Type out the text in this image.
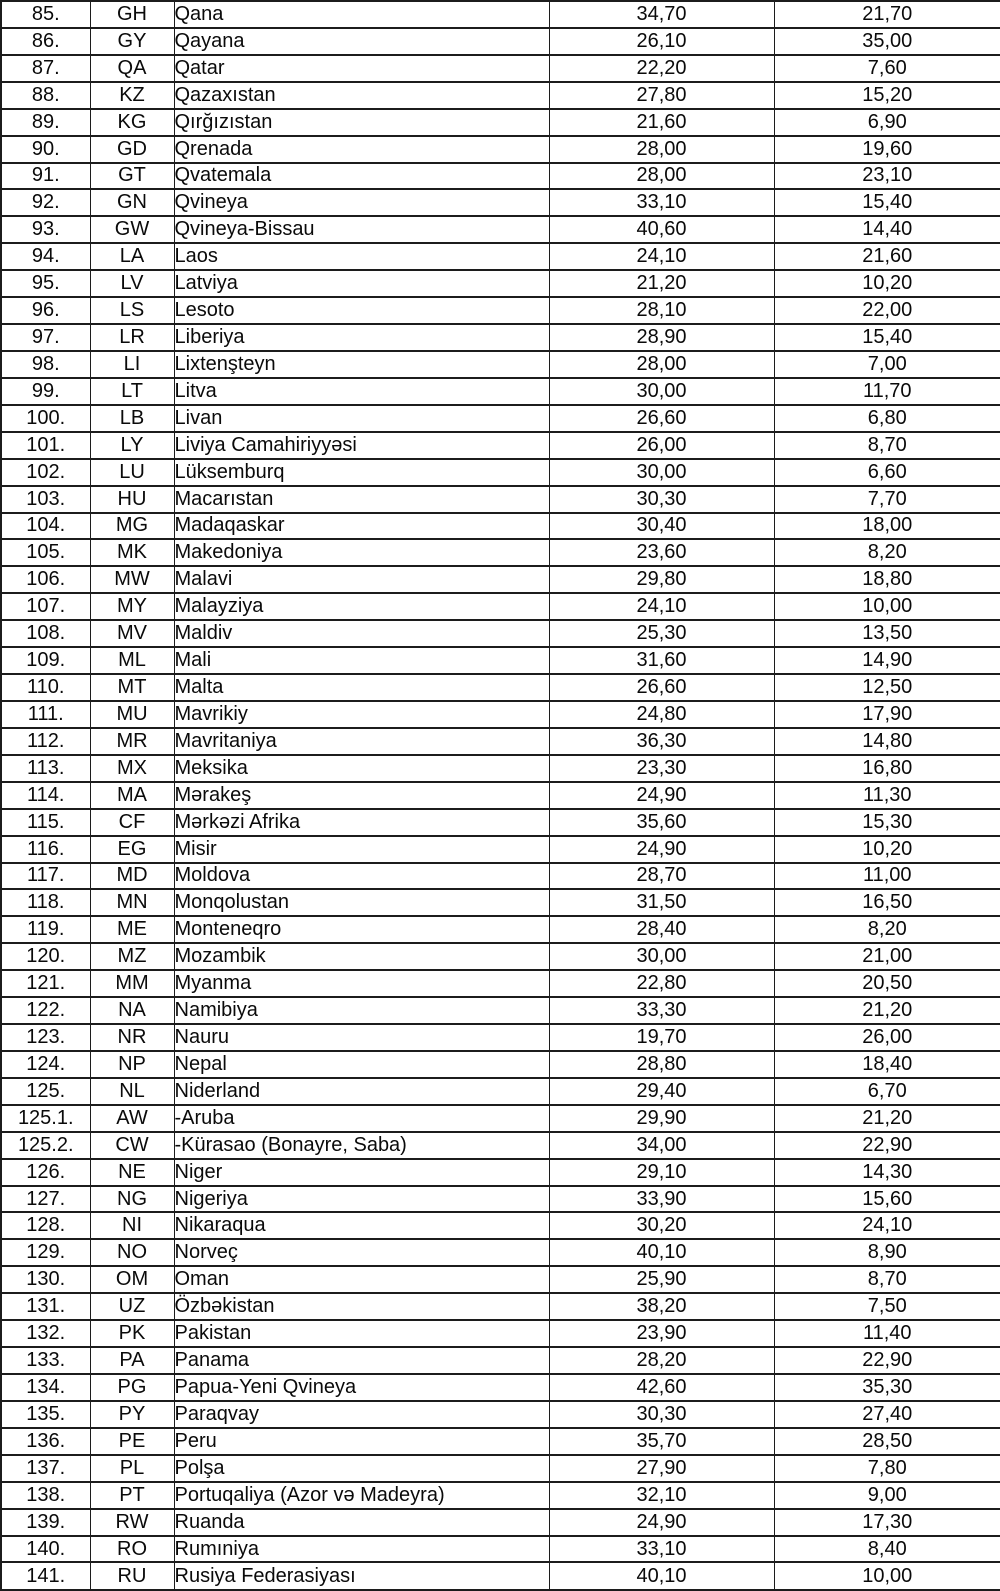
85.	GH	Qana	34,70	21,70
86.	GY	Qayana	26,10	35,00
87.	QA	Qatar	22,20	7,60
88.	KZ	Qazaxıstan	27,80	15,20
89.	KG	Qırğızıstan	21,60	6,90
90.	GD	Qrenada	28,00	19,60
91.	GT	Qvatemala	28,00	23,10
92.	GN	Qvineya	33,10	15,40
93.	GW	Qvineya-Bissau	40,60	14,40
94.	LA	Laos	24,10	21,60
95.	LV	Latviya	21,20	10,20
96.	LS	Lesoto	28,10	22,00
97.	LR	Liberiya	28,90	15,40
98.	LI	Lixtenşteyn	28,00	7,00
99.	LT	Litva	30,00	11,70
100.	LB	Livan	26,60	6,80
101.	LY	Liviya Camahiriyyəsi	26,00	8,70
102.	LU	Lüksemburq	30,00	6,60
103.	HU	Macarıstan	30,30	7,70
104.	MG	Madaqaskar	30,40	18,00
105.	MK	Makedoniya	23,60	8,20
106.	MW	Malavi	29,80	18,80
107.	MY	Malayziya	24,10	10,00
108.	MV	Maldiv	25,30	13,50
109.	ML	Mali	31,60	14,90
110.	MT	Malta	26,60	12,50
111.	MU	Mavrikiy	24,80	17,90
112.	MR	Mavritaniya	36,30	14,80
113.	MX	Meksika	23,30	16,80
114.	MA	Mərakeş	24,90	11,30
115.	CF	Mərkəzi Afrika	35,60	15,30
116.	EG	Misir	24,90	10,20
117.	MD	Moldova	28,70	11,00
118.	MN	Monqolustan	31,50	16,50
119.	ME	Monteneqro	28,40	8,20
120.	MZ	Mozambik	30,00	21,00
121.	MM	Myanma	22,80	20,50
122.	NA	Namibiya	33,30	21,20
123.	NR	Nauru	19,70	26,00
124.	NP	Nepal	28,80	18,40
125.	NL	Niderland	29,40	6,70
125.1.	AW	-Aruba	29,90	21,20
125.2.	CW	-Kürasao (Bonayre, Saba)	34,00	22,90
126.	NE	Niger	29,10	14,30
127.	NG	Nigeriya	33,90	15,60
128.	NI	Nikaraqua	30,20	24,10
129.	NO	Norveç	40,10	8,90
130.	OM	Oman	25,90	8,70
131.	UZ	Özbəkistan	38,20	7,50
132.	PK	Pakistan	23,90	11,40
133.	PA	Panama	28,20	22,90
134.	PG	Papua-Yeni Qvineya	42,60	35,30
135.	PY	Paraqvay	30,30	27,40
136.	PE	Peru	35,70	28,50
137.	PL	Polşa	27,90	7,80
138.	PT	Portuqaliya (Azor və Madeyra)	32,10	9,00
139.	RW	Ruanda	24,90	17,30
140.	RO	Rumıniya	33,10	8,40
141.	RU	Rusiya Federasiyası	40,10	10,00
